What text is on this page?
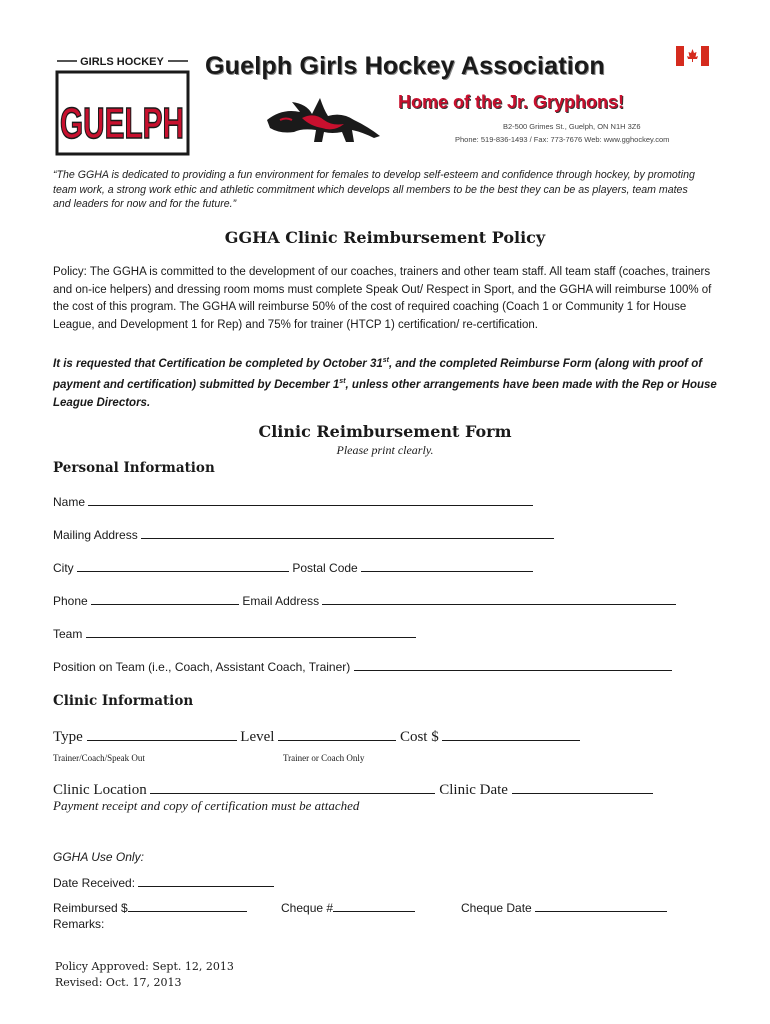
GIRLS HOCKEY
GUELPH
Guelph Girls Hockey Association
Home of the Jr. Gryphons!
B2-500 Grimes St., Guelph, ON N1H 3Z6
Phone: 519-836-1493 / Fax: 773-7676 Web: www.gghockey.com
“The GGHA is dedicated to providing a fun environment for females to develop self-esteem and confidence through hockey, by promoting team work, a strong work ethic and athletic commitment which develops all members to be the best they can be as players, team mates and leaders for now and for the future.”
GGHA Clinic Reimbursement Policy
Policy: The GGHA is committed to the development of our coaches, trainers and other team staff. All team staff (coaches, trainers and on-ice helpers) and dressing room moms must complete Speak Out/ Respect in Sport, and the GGHA will reimburse 100% of the cost of this program. The GGHA will reimburse 50% of the cost of required coaching (Coach 1 or Community 1 for House League, and Development 1 for Rep) and 75% for trainer (HTCP 1) certification/ re-certification.
It is requested that Certification be completed by October 31st, and the completed Reimburse Form (along with proof of payment and certification) submitted by December 1st, unless other arrangements have been made with the Rep or House League Directors.
Clinic Reimbursement Form
Please print clearly.
Personal Information
Name
Mailing Address
City	Postal Code
Phone	Email Address
Team
Position on Team (i.e., Coach, Assistant Coach, Trainer)
Clinic Information
Type	Level	Cost $
Trainer/Coach/Speak Out	Trainer or Coach Only
Clinic Location	Clinic Date
Payment receipt and copy of certification must be attached
GGHA Use Only:
Date Received:
Reimbursed $	Cheque #	Cheque Date
Remarks:
Policy Approved: Sept. 12, 2013
Revised: Oct. 17, 2013
